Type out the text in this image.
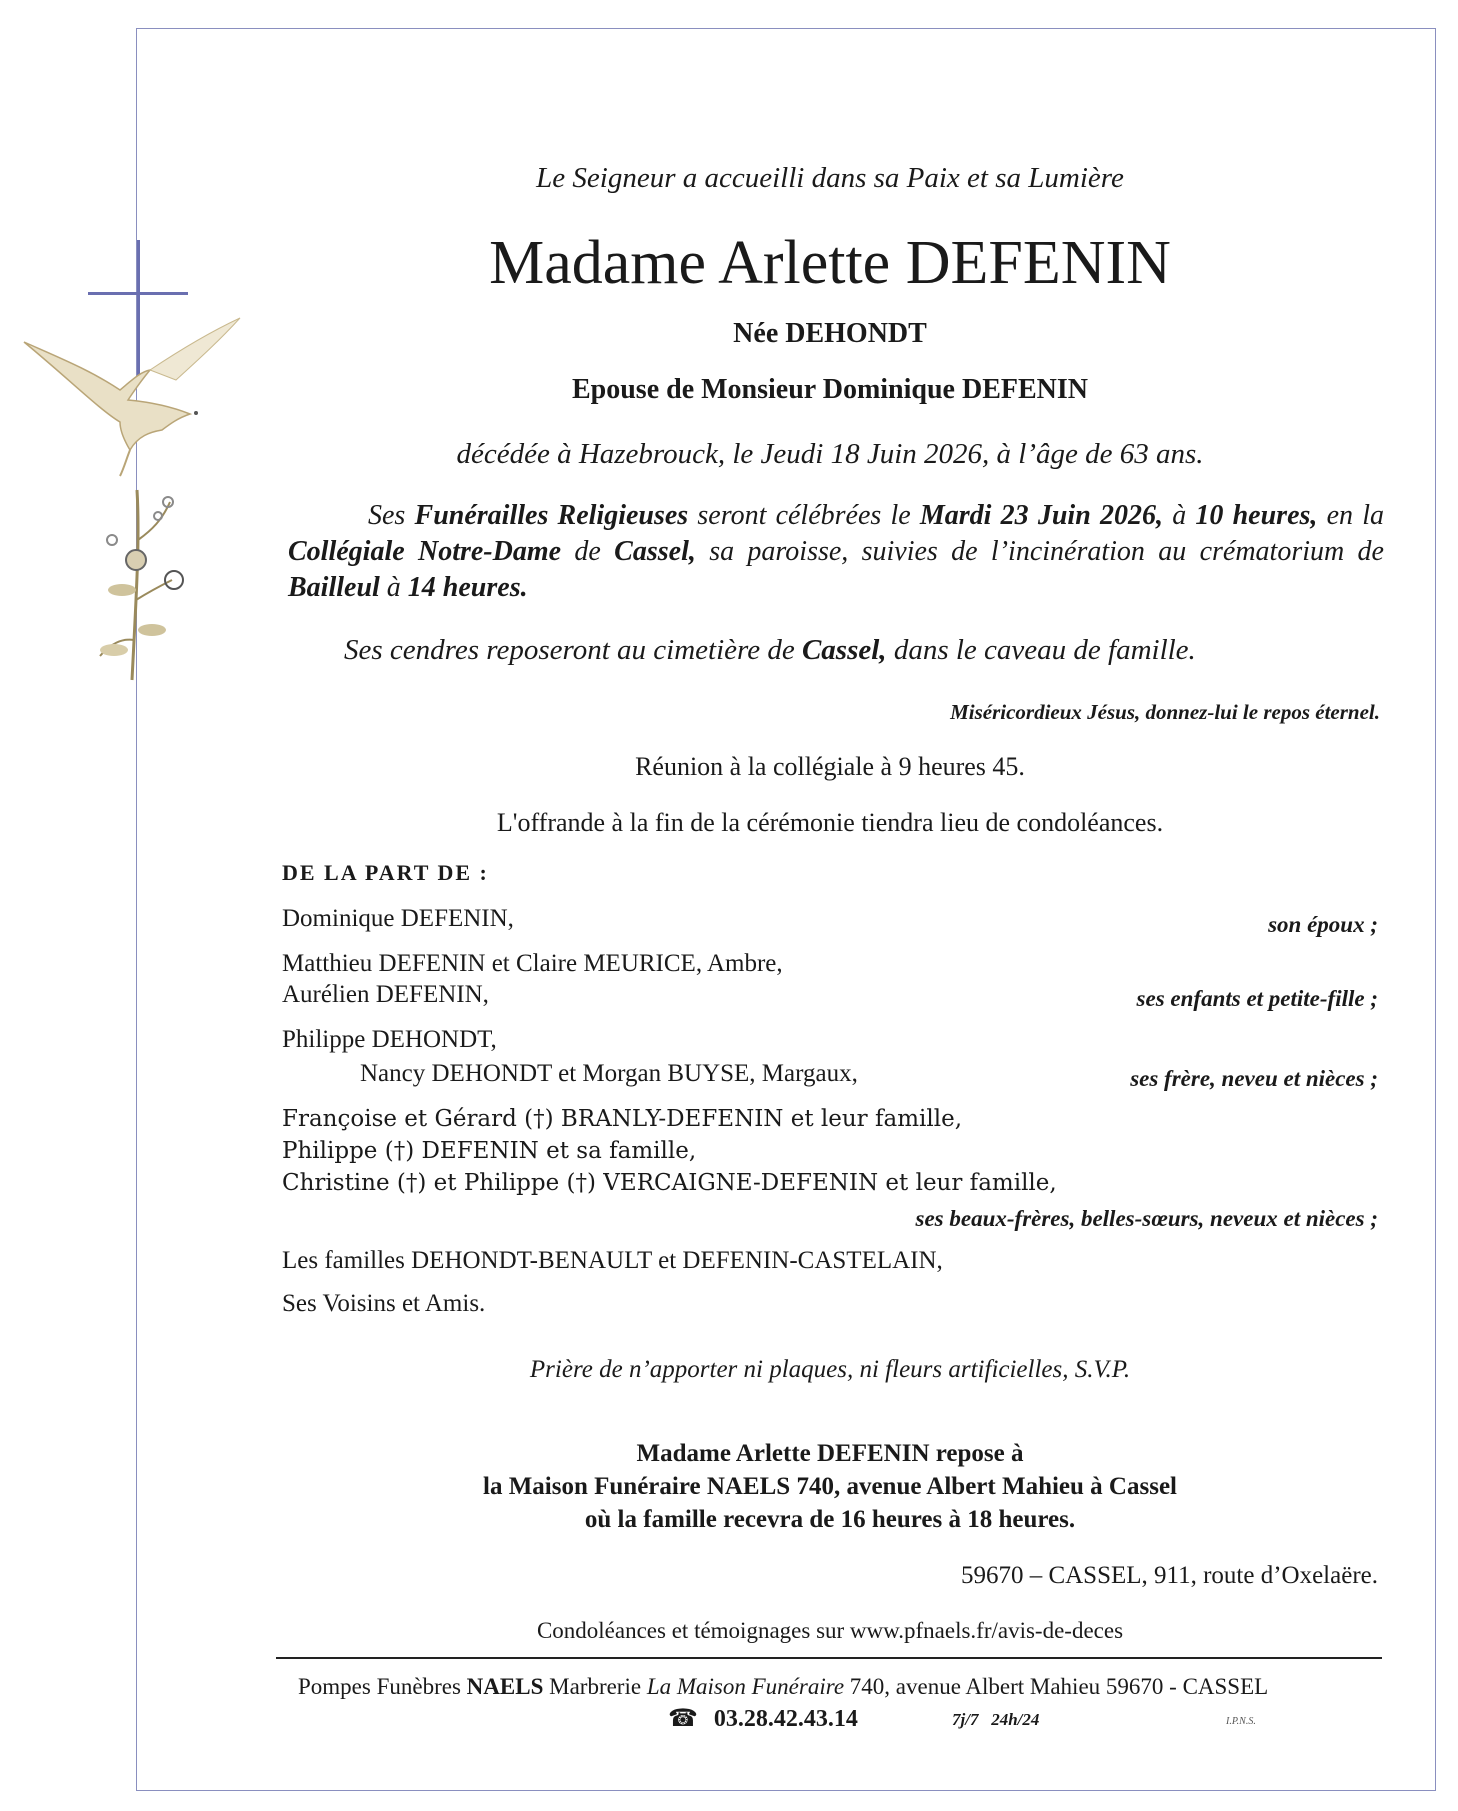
Le Seigneur a accueilli dans sa Paix et sa Lumière
Madame Arlette DEFENIN
Née DEHONDT
Epouse de Monsieur Dominique DEFENIN
décédée à Hazebrouck, le Jeudi 18 Juin 2026, à l’âge de 63 ans.
Ses Funérailles Religieuses seront célébrées le Mardi 23 Juin 2026, à 10 heures, en la Collégiale Notre-Dame de Cassel, sa paroisse, suivies de l’incinération au crématorium de Bailleul à 14 heures.
Ses cendres reposeront au cimetière de Cassel, dans le caveau de famille.
Miséricordieux Jésus, donnez-lui le repos éternel.
Réunion à la collégiale à 9 heures 45.
L'offrande à la fin de la cérémonie tiendra lieu de condoléances.
DE LA PART DE :
Dominique DEFENIN,	son époux ;
Matthieu DEFENIN et Claire MEURICE, Ambre,
Aurélien DEFENIN,	ses enfants et petite-fille ;
Philippe DEHONDT,
Nancy DEHONDT et Morgan BUYSE, Margaux,	ses frère, neveu et nièces ;
Françoise et Gérard (†) BRANLY-DEFENIN et leur famille,
Philippe (†) DEFENIN et sa famille,
Christine (†) et Philippe (†) VERCAIGNE-DEFENIN et leur famille,
ses beaux-frères, belles-sœurs, neveux et nièces ;
Les familles DEHONDT-BENAULT et DEFENIN-CASTELAIN,
Ses Voisins et Amis.
Prière de n’apporter ni plaques, ni fleurs artificielles, S.V.P.
Madame Arlette DEFENIN repose à
la Maison Funéraire NAELS 740, avenue Albert Mahieu à Cassel
où la famille recevra de 16 heures à 18 heures.
59670 – CASSEL, 911, route d’Oxelaëre.
Condoléances et témoignages sur www.pfnaels.fr/avis-de-deces
Pompes Funèbres NAELS Marbrerie La Maison Funéraire 740, avenue Albert Mahieu 59670 - CASSEL
☎ 03.28.42.43.14	7j/7   24h/24	I.P.N.S.
